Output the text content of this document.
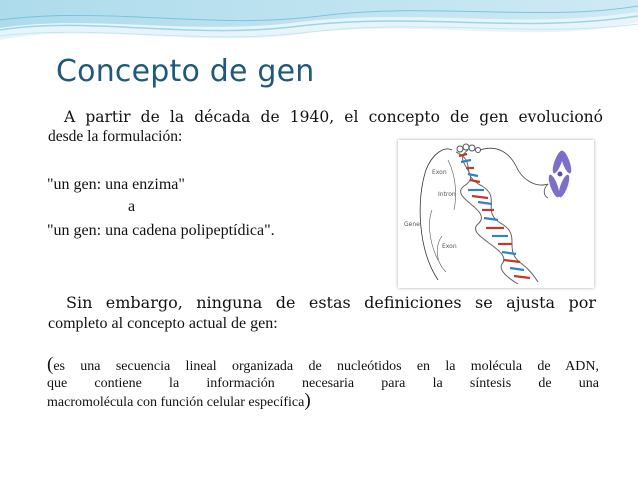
Concepto de gen

A partir de la década de 1940, el concepto de gen evolucionó
desde la formulación:

"un gen: una enzima"

a

"un gen: una cadena polipeptídica".

Exon
Intron
Gene
Exon

Sin embargo, ninguna de estas definiciones se ajusta por
completo al concepto actual de gen:

(es una secuencia lineal organizada de nucleótidos en la molécula de ADN,
que contiene la información necesaria para la síntesis de una
macromolécula con función celular específica)
